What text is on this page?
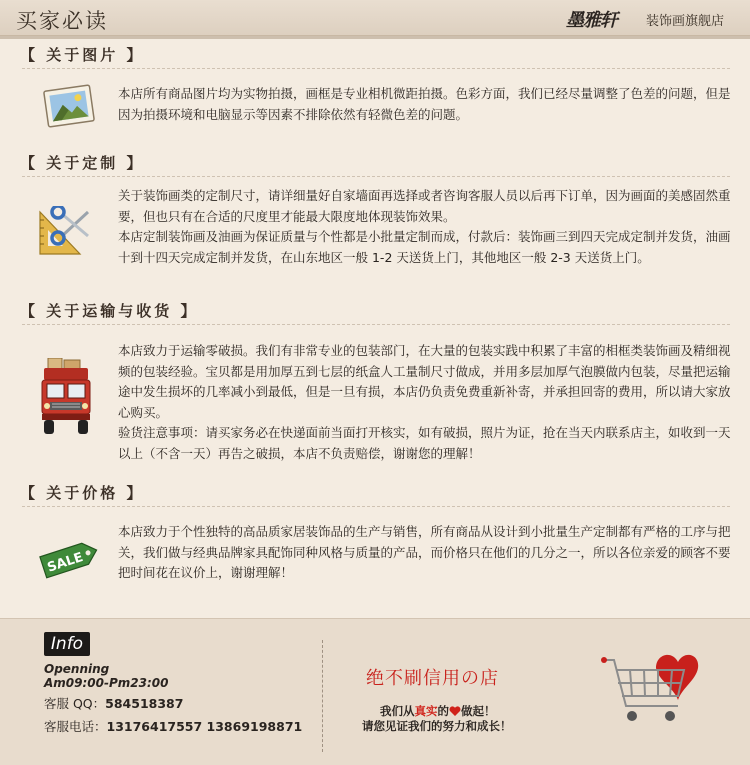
买家必读	墨雅轩 装饰画旗舰店
【 关于图片 】

本店所有商品图片均为实物拍摄，画框是专业相机微距拍摄。色彩方面，我们已经尽量调整了色差的问题，但是因为拍摄环境和电脑显示等因素不排除依然有轻微色差的问题。

【 关于定制 】

关于装饰画类的定制尺寸，请详细量好自家墙面再选择或者咨询客服人员以后再下订单，因为画面的美感固然重要，但也只有在合适的尺度里才能最大限度地体现装饰效果。

本店定制装饰画及油画为保证质量与个性都是小批量定制而成，付款后：装饰画三到四天完成定制并发货，油画十到十四天完成定制并发货，在山东地区一般 1-2 天送货上门，其他地区一般 2-3 天送货上门。

【 关于运输与收货 】

本店致力于运输零破损。我们有非常专业的包装部门，在大量的包装实践中积累了丰富的相框类装饰画及精细视频的包装经验。宝贝都是用加厚五到七层的纸盒人工量制尺寸做成，并用多层加厚气泡膜做内包装，尽量把运输途中发生损坏的几率减小到最低，但是一旦有损，本店仍负责免费重新补寄，并承担回寄的费用，所以请大家放心购买。

验货注意事项：请买家务必在快递面前当面打开核实，如有破损，照片为证，抢在当天内联系店主，如收到一天以上（不含一天）再告之破损，本店不负责赔偿，谢谢您的理解！

【 关于价格 】
SALE

本店致力于个性独特的高品质家居装饰品的生产与销售，所有商品从设计到小批量生产定制都有严格的工序与把关，我们做与经典品牌家具配饰同种风格与质量的产品，而价格只在他们的几分之一，所以各位亲爱的顾客不要把时间花在议价上，谢谢理解！

Info
Openning
Am09:00-Pm23:00
客服 QQ：584518387
客服电话：13176417557 13869198871
绝不刷信用の店
我们从真实的 做起！
请您见证我们的努力和成长！
